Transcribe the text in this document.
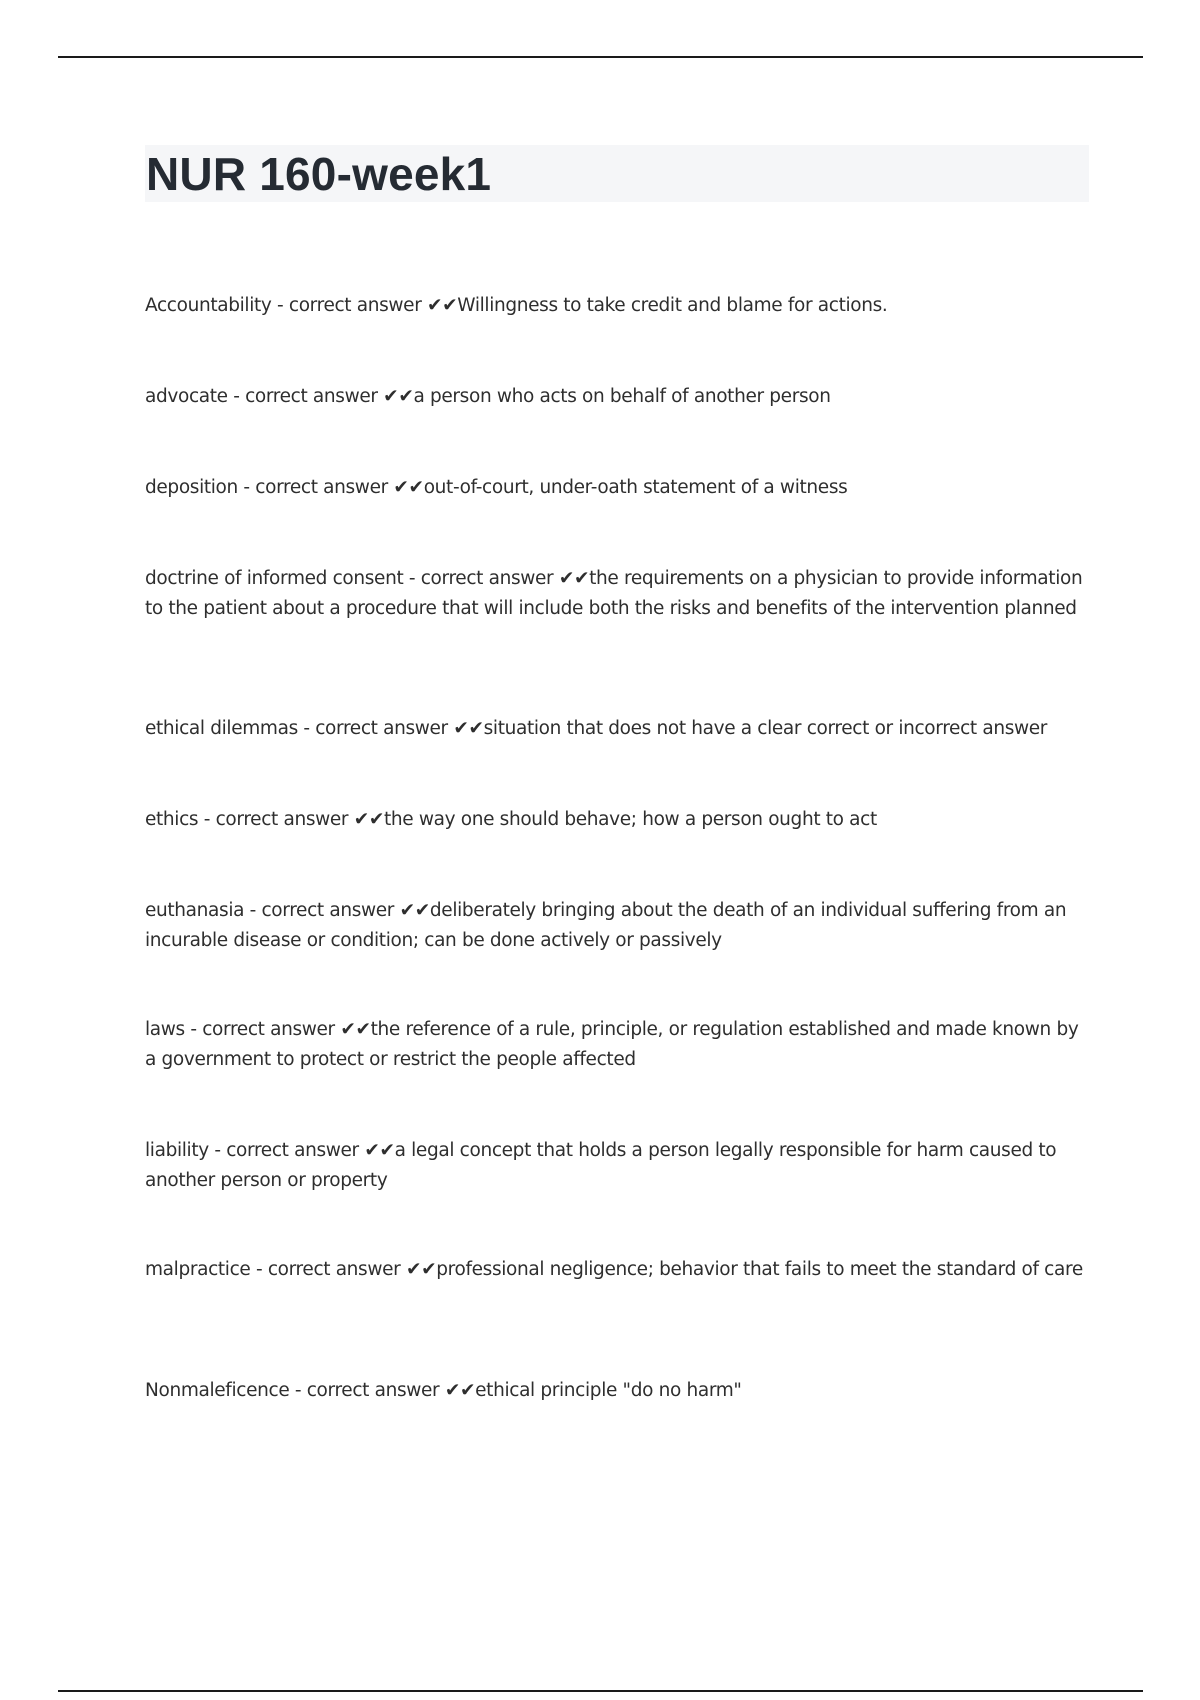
NUR 160-week1

Accountability - correct answer ✔✔Willingness to take credit and blame for actions.

advocate - correct answer ✔✔a person who acts on behalf of another person

deposition - correct answer ✔✔out-of-court, under-oath statement of a witness

doctrine of informed consent - correct answer ✔✔the requirements on a physician to provide information to the patient about a procedure that will include both the risks and benefits of the intervention planned

ethical dilemmas - correct answer ✔✔situation that does not have a clear correct or incorrect answer

ethics - correct answer ✔✔the way one should behave; how a person ought to act

euthanasia - correct answer ✔✔deliberately bringing about the death of an individual suffering from an incurable disease or condition; can be done actively or passively

laws - correct answer ✔✔the reference of a rule, principle, or regulation established and made known by a government to protect or restrict the people affected

liability - correct answer ✔✔a legal concept that holds a person legally responsible for harm caused to another person or property

malpractice - correct answer ✔✔professional negligence; behavior that fails to meet the standard of care

Nonmaleficence - correct answer ✔✔ethical principle "do no harm"
